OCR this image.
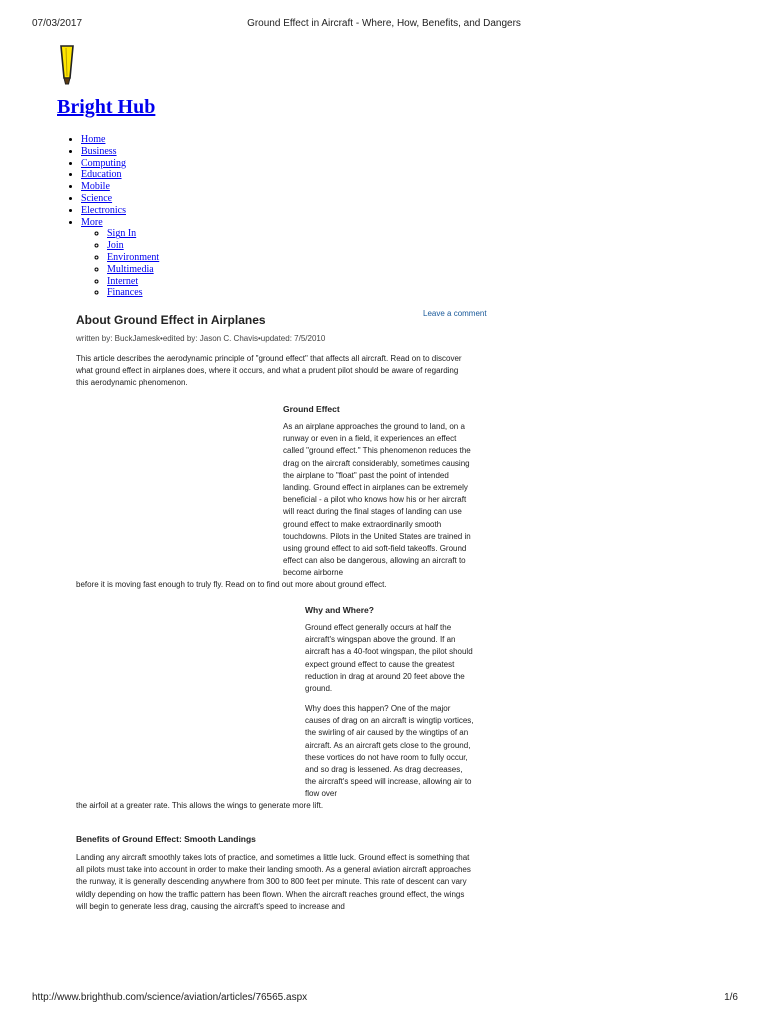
07/03/2017	Ground Effect in Aircraft - Where, How, Benefits, and Dangers
Bright Hub
• Home
• Business
• Computing
• Education
• Mobile
• Science
• Electronics
• More
◦ Sign In
◦ Join
◦ Environment
◦ Multimedia
◦ Internet
◦ Finances
About Ground Effect in Airplanes	Leave a comment
written by: BuckJamesk•edited by: Jason C. Chavis•updated: 7/5/2010
This article describes the aerodynamic principle of "ground effect" that affects all aircraft. Read on to discover what ground effect in airplanes does, where it occurs, and what a prudent pilot should be aware of regarding this aerodynamic phenomenon.
Ground Effect
As an airplane approaches the ground to land, on a runway or even in a field, it experiences an effect called "ground effect." This phenomenon reduces the drag on the aircraft considerably, sometimes causing the airplane to "float" past the point of intended landing. Ground effect in airplanes can be extremely beneficial - a pilot who knows how his or her aircraft will react during the final stages of landing can use ground effect to make extraordinarily smooth touchdowns. Pilots in the United States are trained in using ground effect to aid soft-field takeoffs. Ground effect can also be dangerous, allowing an aircraft to become airborne
before it is moving fast enough to truly fly. Read on to find out more about ground effect.
Why and Where?
Ground effect generally occurs at half the aircraft's wingspan above the ground. If an aircraft has a 40-foot wingspan, the pilot should expect ground effect to cause the greatest reduction in drag at around 20 feet above the ground.
Why does this happen? One of the major causes of drag on an aircraft is wingtip vortices, the swirling of air caused by the wingtips of an aircraft. As an aircraft gets close to the ground, these vortices do not have room to fully occur, and so drag is lessened. As drag decreases, the aircraft's speed will increase, allowing air to flow over
the airfoil at a greater rate. This allows the wings to generate more lift.
Benefits of Ground Effect: Smooth Landings
Landing any aircraft smoothly takes lots of practice, and sometimes a little luck. Ground effect is something that all pilots must take into account in order to make their landing smooth. As a general aviation aircraft approaches the runway, it is generally descending anywhere from 300 to 800 feet per minute. This rate of descent can vary wildly depending on how the traffic pattern has been flown. When the aircraft reaches ground effect, the wings will begin to generate less drag, causing the aircraft's speed to increase and
http://www.brighthub.com/science/aviation/articles/76565.aspx	1/6
